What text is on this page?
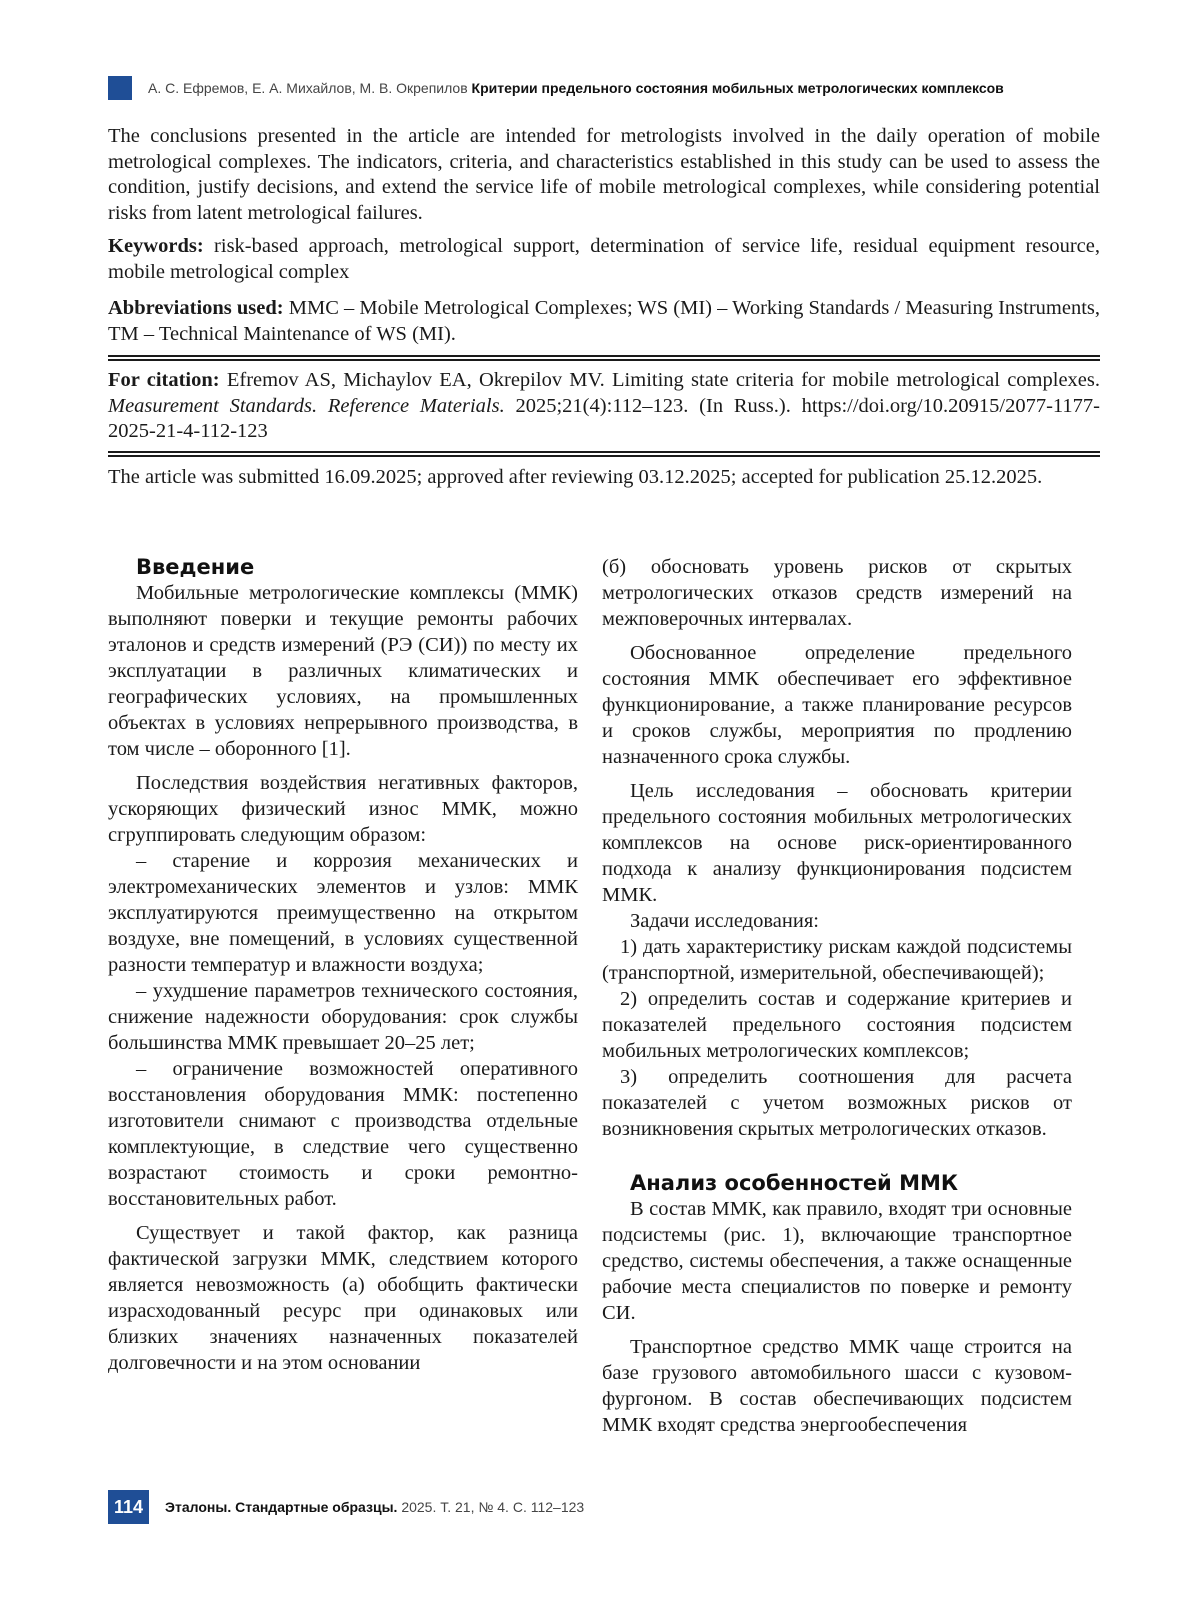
А. С. Ефремов, Е. А. Михайлов, М. В. Окрепилов Критерии предельного состояния мобильных метрологических комплексов
The conclusions presented in the article are intended for metrologists involved in the daily operation of mobile metrological complexes. The indicators, criteria, and characteristics established in this study can be used to assess the condition, justify decisions, and extend the service life of mobile metrological complexes, while considering potential risks from latent metrological failures.
Keywords: risk-based approach, metrological support, determination of service life, residual equipment resource, mobile metrological complex
Abbreviations used: MMC – Mobile Metrological Complexes; WS (MI) – Working Standards / Measuring Instruments, TM – Technical Maintenance of WS (MI).
For citation: Efremov AS, Michaylov EA, Okrepilov MV. Limiting state criteria for mobile metrological complexes. Measurement Standards. Reference Materials. 2025;21(4):112–123. (In Russ.). https://doi.org/10.20915/2077-1177-2025-21-4-112-123
The article was submitted 16.09.2025; approved after reviewing 03.12.2025; accepted for publication 25.12.2025.
Введение

Мобильные метрологические комплексы (ММК) выполняют поверки и текущие ремонты рабочих эталонов и средств измерений (РЭ (СИ)) по месту их эксплуатации в различных климатических и географических условиях, на промышленных объектах в условиях непрерывного производства, в том числе – оборонного [1].

Последствия воздействия негативных факторов, ускоряющих физический износ ММК, можно сгруппировать следующим образом:

– старение и коррозия механических и электромеханических элементов и узлов: ММК эксплуатируются преимущественно на открытом воздухе, вне помещений, в условиях существенной разности температур и влажности воздуха;

– ухудшение параметров технического состояния, снижение надежности оборудования: срок службы большинства ММК превышает 20–25 лет;

– ограничение возможностей оперативного восстановления оборудования ММК: постепенно изготовители снимают с производства отдельные комплектующие, в следствие чего существенно возрастают стоимость и сроки ремонтно-восстановительных работ.

Существует и такой фактор, как разница фактической загрузки ММК, следствием которого является невозможность (а) обобщить фактически израсходованный ресурс при одинаковых или близких значениях назначенных показателей долговечности и на этом основании

(б) обосновать уровень рисков от скрытых метрологических отказов средств измерений на межповерочных интервалах.

Обоснованное определение предельного состояния ММК обеспечивает его эффективное функционирование, а также планирование ресурсов и сроков службы, мероприятия по продлению назначенного срока службы.

Цель исследования – обосновать критерии предельного состояния мобильных метрологических комплексов на основе риск-ориентированного подхода к анализу функционирования подсистем ММК.

Задачи исследования:

1) дать характеристику рискам каждой подсистемы (транспортной, измерительной, обеспечивающей);

2) определить состав и содержание критериев и показателей предельного состояния подсистем мобильных метрологических комплексов;

3) определить соотношения для расчета показателей с учетом возможных рисков от возникновения скрытых метрологических отказов.

Анализ особенностей ММК

В состав ММК, как правило, входят три основные подсистемы (рис. 1), включающие транспортное средство, системы обеспечения, а также оснащенные рабочие места специалистов по поверке и ремонту СИ.

Транспортное средство ММК чаще строится на базе грузового автомобильного шасси с кузовом-фургоном. В состав обеспечивающих подсистем ММК входят средства энергообеспечения

114	Эталоны. Стандартные образцы. 2025. Т. 21, № 4. С. 112–123
